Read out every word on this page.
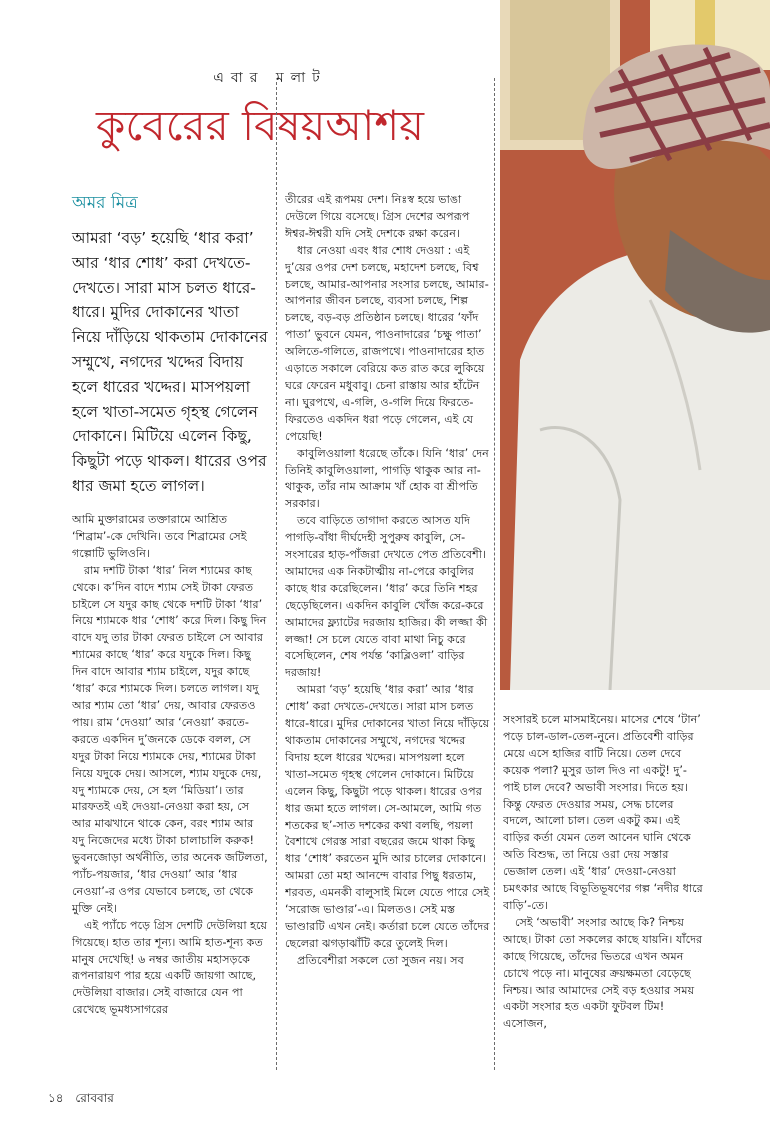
এবার মলাট
কুবেরের বিষয়আশয়
অমর মিত্র

আমরা ‘বড়’ হয়েছি ‘ধার করা’ আর ‘ধার শোধ’ করা দেখতে-দেখতে। সারা মাস চলত ধারে-ধারে। মুদির দোকানের খাতা নিয়ে দাঁড়িয়ে থাকতাম দোকানের সম্মুখে, নগদের খদ্দের বিদায় হলে ধারের খদ্দের। মাসপয়লা হলে খাতা-সমেত গৃহস্থ গেলেন দোকানে। মিটিয়ে এলেন কিছু, কিছুটা পড়ে থাকল। ধারের ওপর ধার জমা হতে লাগল।

আমি মুক্তারামের তক্তারামে আশ্রিত ‘শিব্রাম’-কে দেখিনি। তবে শিব্রামের সেই গল্পোটি ভুলিওনি।

রাম দশটি টাকা ‘ধার’ নিল শ্যামের কাছ থেকে। ক’দিন বাদে শ্যাম সেই টাকা ফেরত চাইলে সে যদুর কাছ থেকে দশটি টাকা ‘ধার’ নিয়ে শ্যামকে ধার ‘শোধ’ করে দিল। কিছু দিন বাদে যদু তার টাকা ফেরত চাইলে সে আবার শ্যামের কাছে ‘ধার’ করে যদুকে দিল। কিছু দিন বাদে আবার শ্যাম চাইলে, যদুর কাছে ‘ধার’ করে শ্যামকে দিল। চলতে লাগল। যদু আর শ্যাম তো ‘ধার’ দেয়, আবার ফেরতও পায়। রাম ‘দেওয়া’ আর ‘নেওয়া’ করতে-করতে একদিন দু’জনকে ডেকে বলল, সে যদুর টাকা নিয়ে শ্যামকে দেয়, শ্যামের টাকা নিয়ে যদুকে দেয়। আসলে, শ্যাম যদুকে দেয়, যদু শ্যামকে দেয়, সে হল ‘মিডিয়া’। তার মারফতই এই দেওয়া-নেওয়া করা হয়, সে আর মাঝখানে থাকে কেন, বরং শ্যাম আর যদু নিজেদের মধ্যে টাকা চালাচালি করুক! ভুবনজোড়া অর্থনীতি, তার অনেক জটিলতা, প্যাঁচ-পয়জার, ‘ধার দেওয়া’ আর ‘ধার নেওয়া’-র ওপর যেভাবে চলছে, তা থেকে মুক্তি নেই।

এই প্যাঁচে পড়ে গ্রিস দেশটি দেউলিয়া হয়ে গিয়েছে। হাত তার শূন্য। আমি হাত-শূন্য কত মানুষ দেখেছি! ৬ নম্বর জাতীয় মহাসড়কে রূপনারায়ণ পার হয়ে একটি জায়গা আছে, দেউলিয়া বাজার। সেই বাজারে যেন পা রেখেছে ভূমধ্যসাগরের

তীরের এই রূপময় দেশ। নিঃস্ব হয়ে ভাঙা দেউলে গিয়ে বসেছে। গ্রিস দেশের অপরূপ ঈশ্বর-ঈশ্বরী যদি সেই দেশকে রক্ষা করেন।

ধার নেওয়া এবং ধার শোধ দেওয়া : এই দু’য়ের ওপর দেশ চলছে, মহাদেশ চলছে, বিশ্ব চলছে, আমার-আপনার সংসার চলছে, আমার-আপনার জীবন চলছে, ব্যবসা চলছে, শিল্প চলছে, বড়-বড় প্রতিষ্ঠান চলছে। ধারের ‘ফাঁদ পাতা’ ভুবনে যেমন, পাওনাদারের ‘চক্ষু পাতা’ অলিতে-গলিতে, রাজপথে। পাওনাদারের হাত এড়াতে সকালে বেরিয়ে কত রাত করে লুকিয়ে ঘরে ফেরেন মধুবাবু। চেনা রাস্তায় আর হাঁটেন না। ঘুরপথে, এ-গলি, ও-গলি দিয়ে ফিরতে-ফিরতেও একদিন ধরা পড়ে গেলেন, এই যে পেয়েছি!

কাবুলিওয়ালা ধরেছে তাঁকে। যিনি ‘ধার’ দেন তিনিই কাবুলিওয়ালা, পাগড়ি থাকুক আর না-থাকুক, তাঁর নাম আক্রাম খাঁ হোক বা শ্রীপতি সরকার।

তবে বাড়িতে তাগাদা করতে আসত যদি পাগড়ি-বাঁধা দীর্ঘদেহী সুপুরুষ কাবুলি, সে-সংসারের হাড়-পাঁজরা দেখতে পেত প্রতিবেশী। আমাদের এক নিকটাত্মীয় না-পেরে কাবুলির কাছে ধার করেছিলেন। ‘ধার’ করে তিনি শহর ছেড়েছিলেন। একদিন কাবুলি খোঁজ করে-করে আমাদের ফ্ল্যাটের দরজায় হাজির। কী লজ্জা কী লজ্জা! সে চলে যেতে বাবা মাথা নিচু করে বসেছিলেন, শেষ পর্যন্ত ‘কাব্লিওলা’ বাড়ির দরজায়!

আমরা ‘বড়’ হয়েছি ‘ধার করা’ আর ‘ধার শোধ’ করা দেখতে-দেখতে। সারা মাস চলত ধারে-ধারে। মুদির দোকানের খাতা নিয়ে দাঁড়িয়ে থাকতাম দোকানের সম্মুখে, নগদের খদ্দের বিদায় হলে ধারের খদ্দের। মাসপয়লা হলে খাতা-সমেত গৃহস্থ গেলেন দোকানে। মিটিয়ে এলেন কিছু, কিছুটা পড়ে থাকল। ধারের ওপর ধার জমা হতে লাগল। সে-আমলে, আমি গত শতকের ছ’-সাত দশকের কথা বলছি, পয়লা বৈশাখে গেরস্ত সারা বছরের জমে থাকা কিছু ধার ‘শোধ’ করতেন মুদি আর চালের দোকানে। আমরা তো মহা আনন্দে বাবার পিছু ধরতাম, শরবত, এমনকী বালুসাই মিলে যেতে পারে সেই ‘সরোজ ভাণ্ডার’-এ। মিলতও। সেই মস্ত ভাণ্ডারটি এখন নেই। কর্তারা চলে যেতে তাঁদের ছেলেরা ঝগড়াঝাঁটি করে তুলেই দিল।

প্রতিবেশীরা সকলে তো সুজন নয়। সব

সংসারই চলে মাসমাইনেয়। মাসের শেষে ‘টান’ পড়ে চাল-ডাল-তেল-নুনে। প্রতিবেশী বাড়ির মেয়ে এসে হাজির বাটি নিয়ে। তেল দেবে কয়েক পলা? মুসুর ডাল দিও না একটু! দু’-পাই চাল দেবে? অভাবী সংসার। দিতে হয়। কিন্তু ফেরত দেওয়ার সময়, সেদ্ধ চালের বদলে, আলো চাল। তেল একটু কম। এই বাড়ির কর্তা যেমন তেল আনেন ঘানি থেকে অতি বিশুদ্ধ, তা নিয়ে ওরা দেয় সস্তার ভেজাল তেল। এই ‘ধার’ দেওয়া-নেওয়া চমৎকার আছে বিভূতিভূষণের গল্প ‘নদীর ধারে বাড়ি’-তে।

সেই ‘অভাবী’ সংসার আছে কি? নিশ্চয় আছে। টাকা তো সকলের কাছে যায়নি। যাঁদের কাছে গিয়েছে, তাঁদের ভিতরে এখন অমন চোখে পড়ে না। মানুষের ক্রয়ক্ষমতা বেড়েছে নিশ্চয়। আর আমাদের সেই বড় হওয়ার সময় একটা সংসার হত একটা ফুটবল টিম! এসোজন,

১৪ রোববার
